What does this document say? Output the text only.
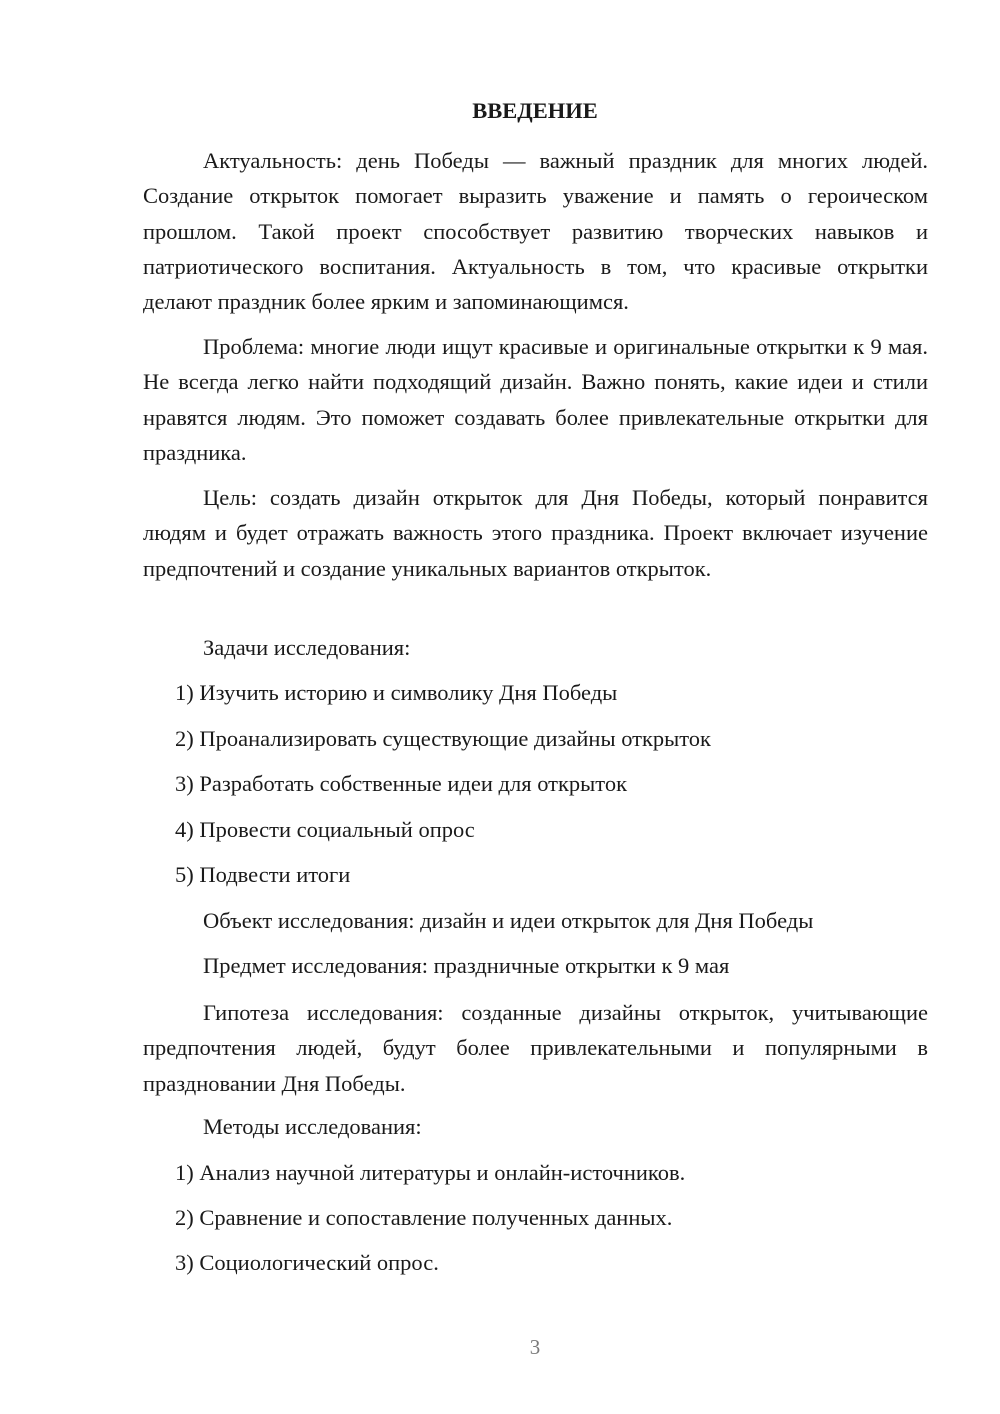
ВВЕДЕНИЕ

Актуальность: день Победы — важный праздник для многих людей. Создание открыток помогает выразить уважение и память о героическом прошлом. Такой проект способствует развитию творческих навыков и патриотического воспитания. Актуальность в том, что красивые открытки делают праздник более ярким и запоминающимся.

Проблема: многие люди ищут красивые и оригинальные открытки к 9 мая. Не всегда легко найти подходящий дизайн. Важно понять, какие идеи и стили нравятся людям. Это поможет создавать более привлекательные открытки для праздника.

Цель: создать дизайн открыток для Дня Победы, который понравится людям и будет отражать важность этого праздника. Проект включает изучение предпочтений и создание уникальных вариантов открыток.

Задачи исследования:

1) Изучить историю и символику Дня Победы

2) Проанализировать существующие дизайны открыток

3) Разработать собственные идеи для открыток

4) Провести социальный опрос

5) Подвести итоги

Объект исследования: дизайн и идеи открыток для Дня Победы

Предмет исследования: праздничные открытки к 9 мая

Гипотеза исследования: созданные дизайны открыток, учитывающие предпочтения людей, будут более привлекательными и популярными в праздновании Дня Победы.

Методы исследования:

1) Анализ научной литературы и онлайн-источников.

2) Сравнение и сопоставление полученных данных.

3) Социологический опрос.

3
